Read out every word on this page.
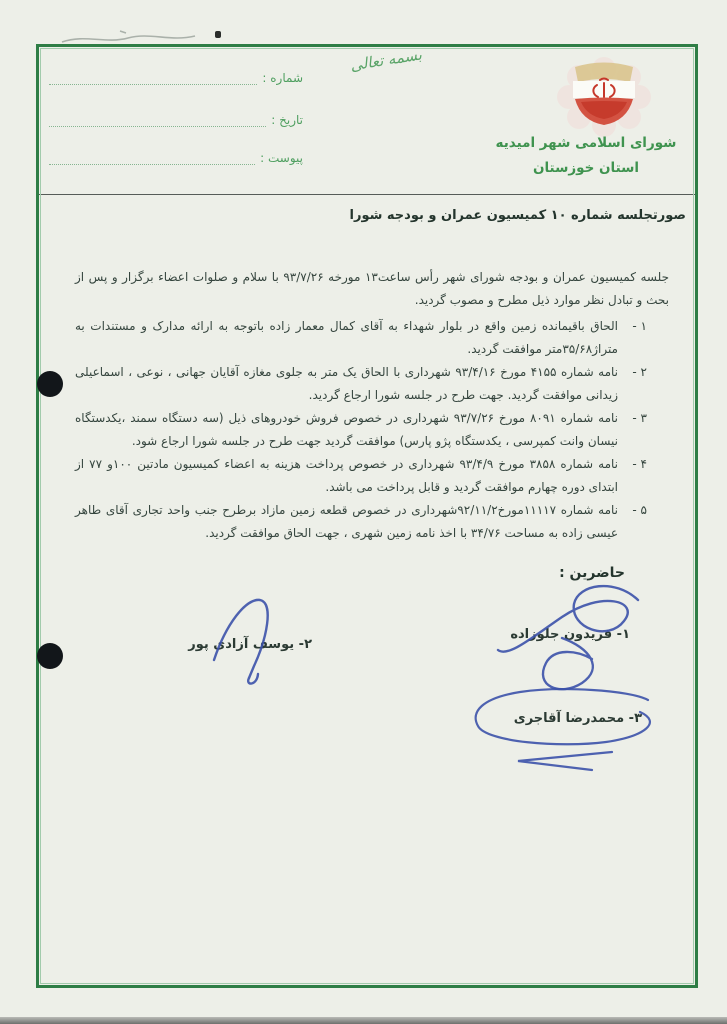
شماره :
تاریخ :
پیوست :
بسمه تعالی
شورای اسلامی شهر امیدیه
استان خوزستان
صورتجلسه شماره ۱۰ کمیسیون عمران و بودجه شورا

جلسه کمیسیون عمران و بودجه شورای شهر رأس ساعت۱۳ مورخه ۹۳/۷/۲۶ با سلام و صلوات اعضاء برگزار و پس از بحث و تبادل نظر موارد ذیل مطرح و مصوب گردید.

۱ -
الحاق باقیمانده زمین واقع در بلوار شهداء به آقای کمال معمار زاده باتوجه به ارائه مدارک و مستندات به متراژ۳۵/۶۸متر موافقت گردید.
۲ -
نامه شماره ۴۱۵۵ مورخ ۹۳/۴/۱۶ شهرداری با الحاق یک متر به جلوی مغازه آقایان جهانی ، نوعی ، اسماعیلی زیدانی موافقت گردید. جهت طرح در جلسه شورا ارجاع گردید.
۳ -
نامه شماره ۸۰۹۱ مورخ ۹۳/۷/۲۶ شهرداری در خصوص فروش خودروهای ذیل (سه دستگاه سمند ،یکدستگاه نیسان وانت کمپرسی ، یکدستگاه پژو پارس) موافقت گردید جهت طرح در جلسه شورا ارجاع شود.
۴ -
نامه شماره ۳۸۵۸ مورخ ۹۳/۴/۹ شهرداری در خصوص پرداخت هزینه به اعضاء کمیسیون مادتین ۱۰۰و ۷۷ از ابتدای دوره چهارم موافقت گردید و قابل پرداخت می باشد.
۵ -
نامه شماره ۱۱۱۱۷مورخ۹۲/۱۱/۲شهرداری در خصوص قطعه زمین مازاد برطرح جنب واحد تجاری آقای طاهر عیسی زاده به مساحت ۳۴/۷۶ با اخذ نامه زمین شهری ، جهت الحاق موافقت گردید.
حاضرین :
۱- فریدون جلوزاده
۲- یوسف آزادی پور
۳- محمدرضا آقاجری
